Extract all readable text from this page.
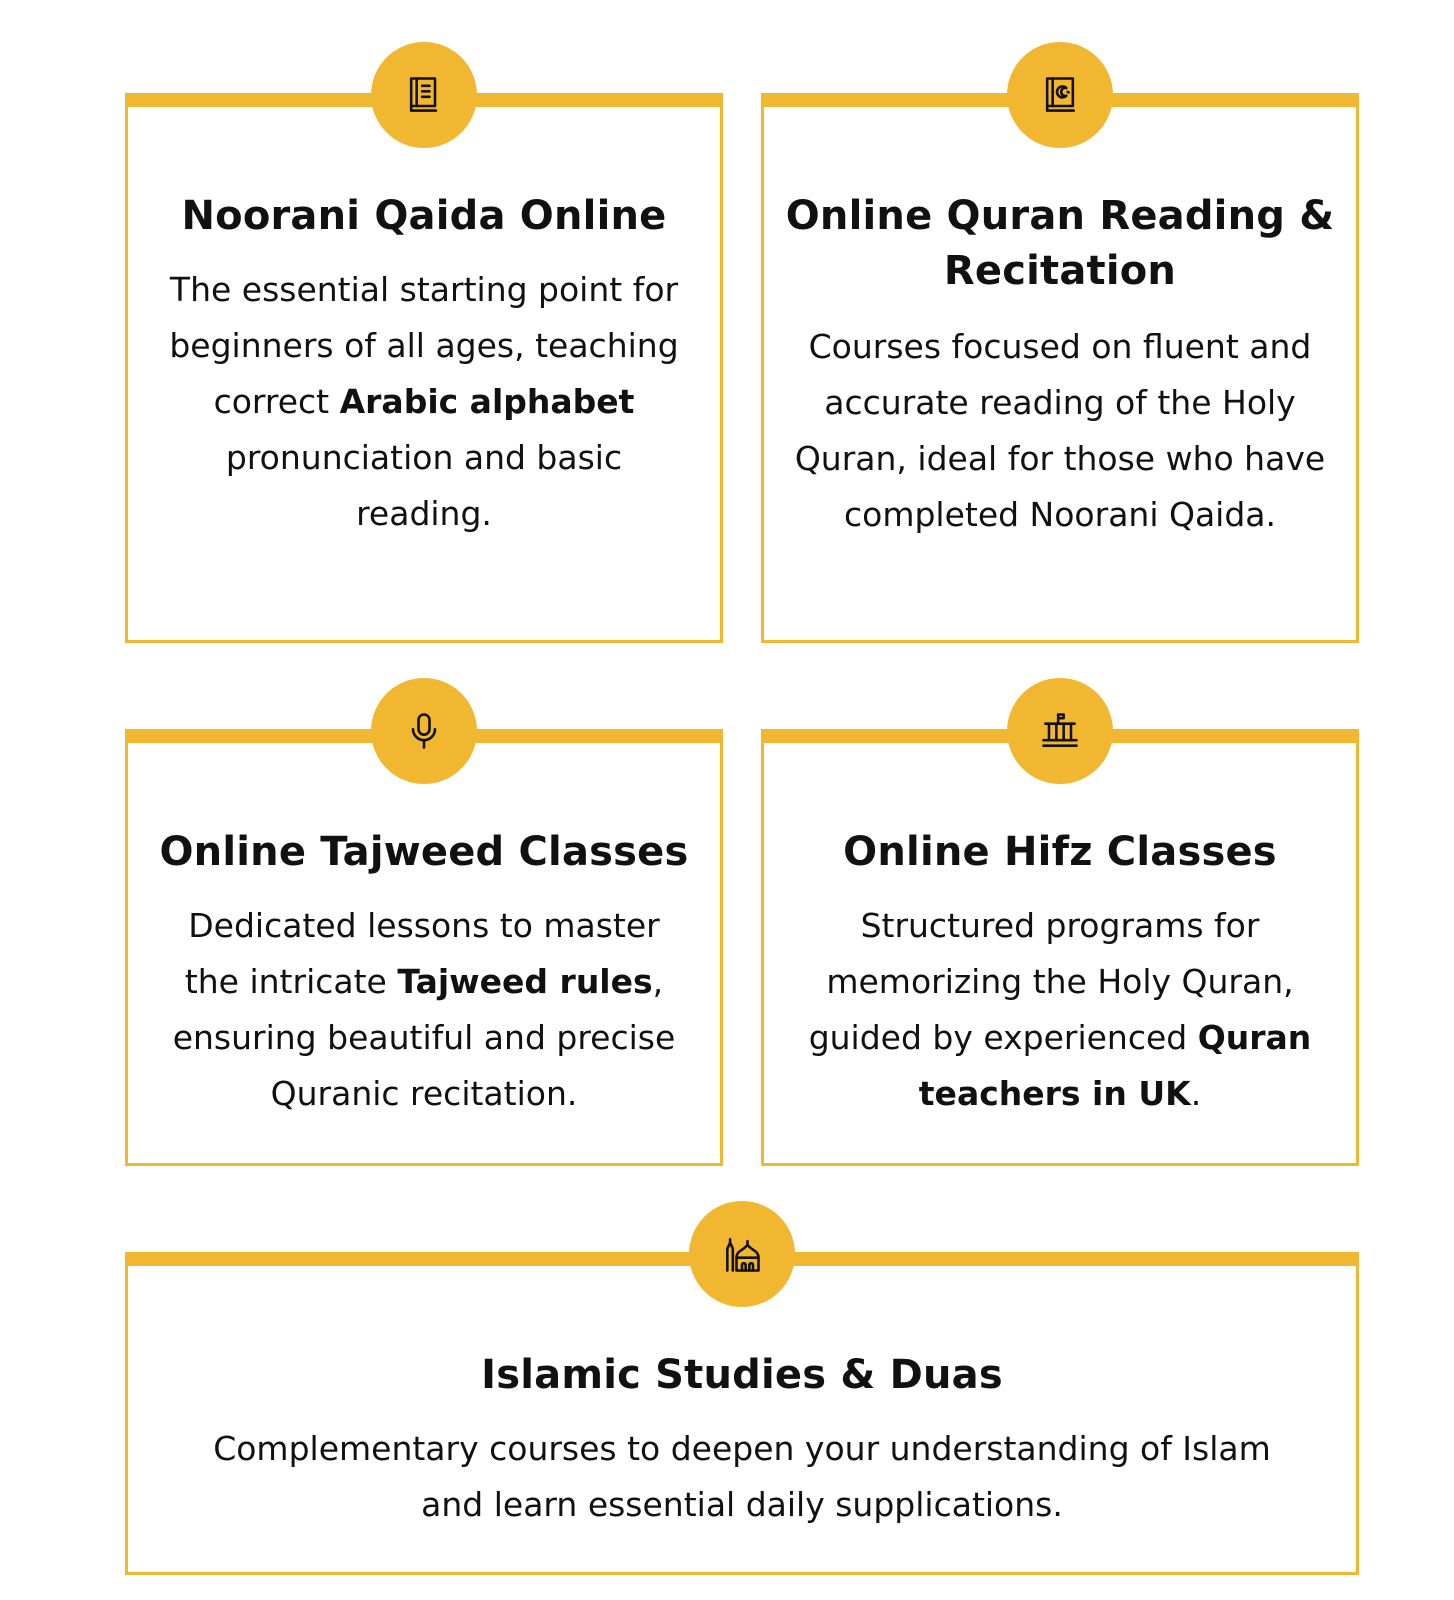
Noorani Qaida Online

The essential starting point for beginners of all ages, teaching correct Arabic alphabet pronunciation and basic reading.

Online Quran Reading & Recitation

Courses focused on fluent and accurate reading of the Holy Quran, ideal for those who have completed Noorani Qaida.

Online Tajweed Classes

Dedicated lessons to master the intricate Tajweed rules, ensuring beautiful and precise Quranic recitation.

Online Hifz Classes

Structured programs for memorizing the Holy Quran, guided by experienced Quran teachers in UK.

Islamic Studies & Duas

Complementary courses to deepen your understanding of Islam and learn essential daily supplications.
